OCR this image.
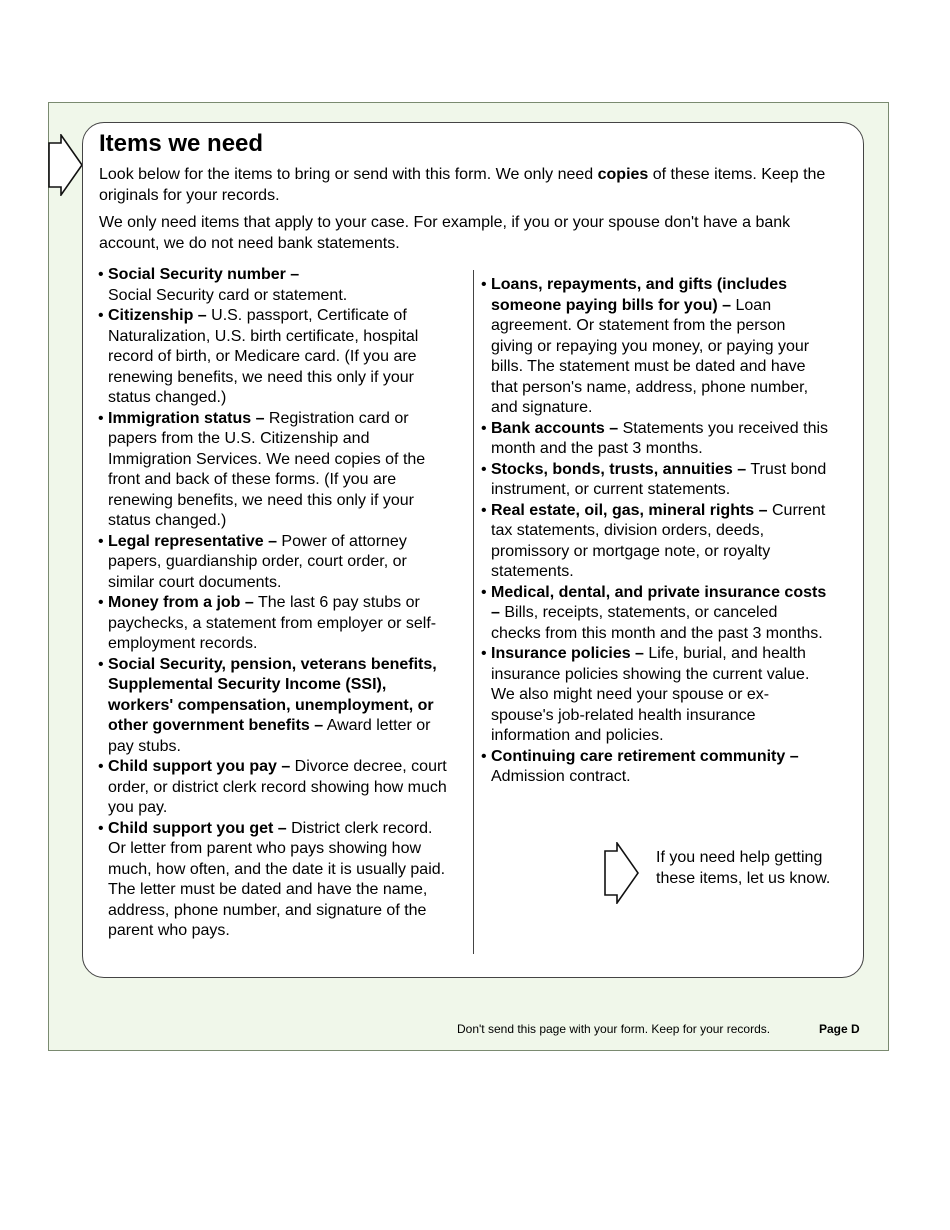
Items we need

Look below for the items to bring or send with this form. We only need copies of these items. Keep the originals for your records.

We only need items that apply to your case. For example, if you or your spouse don't have a bank account, we do not need bank statements.

• Social Security number –
Social Security card or statement.
• Citizenship – U.S. passport, Certificate of Naturalization, U.S. birth certificate, hospital record of birth, or Medicare card. (If you are renewing benefits, we need this only if your status changed.)
• Immigration status – Registration card or papers from the U.S. Citizenship and Immigration Services. We need copies of the front and back of these forms. (If you are renewing benefits, we need this only if your status changed.)
• Legal representative – Power of attorney papers, guardianship order, court order, or similar court documents.
• Money from a job – The last 6 pay stubs or paychecks, a statement from employer or self-employment records.
• Social Security, pension, veterans benefits, Supplemental Security Income (SSI), workers' compensation, unemployment, or other government benefits – Award letter or pay stubs.
• Child support you pay – Divorce decree, court order, or district clerk record showing how much you pay.
• Child support you get – District clerk record. Or letter from parent who pays showing how much, how often, and the date it is usually paid. The letter must be dated and have the name, address, phone number, and signature of the parent who pays.
• Loans, repayments, and gifts (includes someone paying bills for you) – Loan agreement. Or statement from the person giving or repaying you money, or paying your bills. The statement must be dated and have that person's name, address, phone number, and signature.
• Bank accounts – Statements you received this month and the past 3 months.
• Stocks, bonds, trusts, annuities – Trust bond instrument, or current statements.
• Real estate, oil, gas, mineral rights – Current tax statements, division orders, deeds, promissory or mortgage note, or royalty statements.
• Medical, dental, and private insurance costs – Bills, receipts, statements, or canceled checks from this month and the past 3 months.
• Insurance policies – Life, burial, and health insurance policies showing the current value. We also might need your spouse or ex-spouse's job-related health insurance information and policies.
• Continuing care retirement community –
Admission contract.

If you need help getting these items, let us know.

Don't send this page with your form. Keep for your records.	Page D
